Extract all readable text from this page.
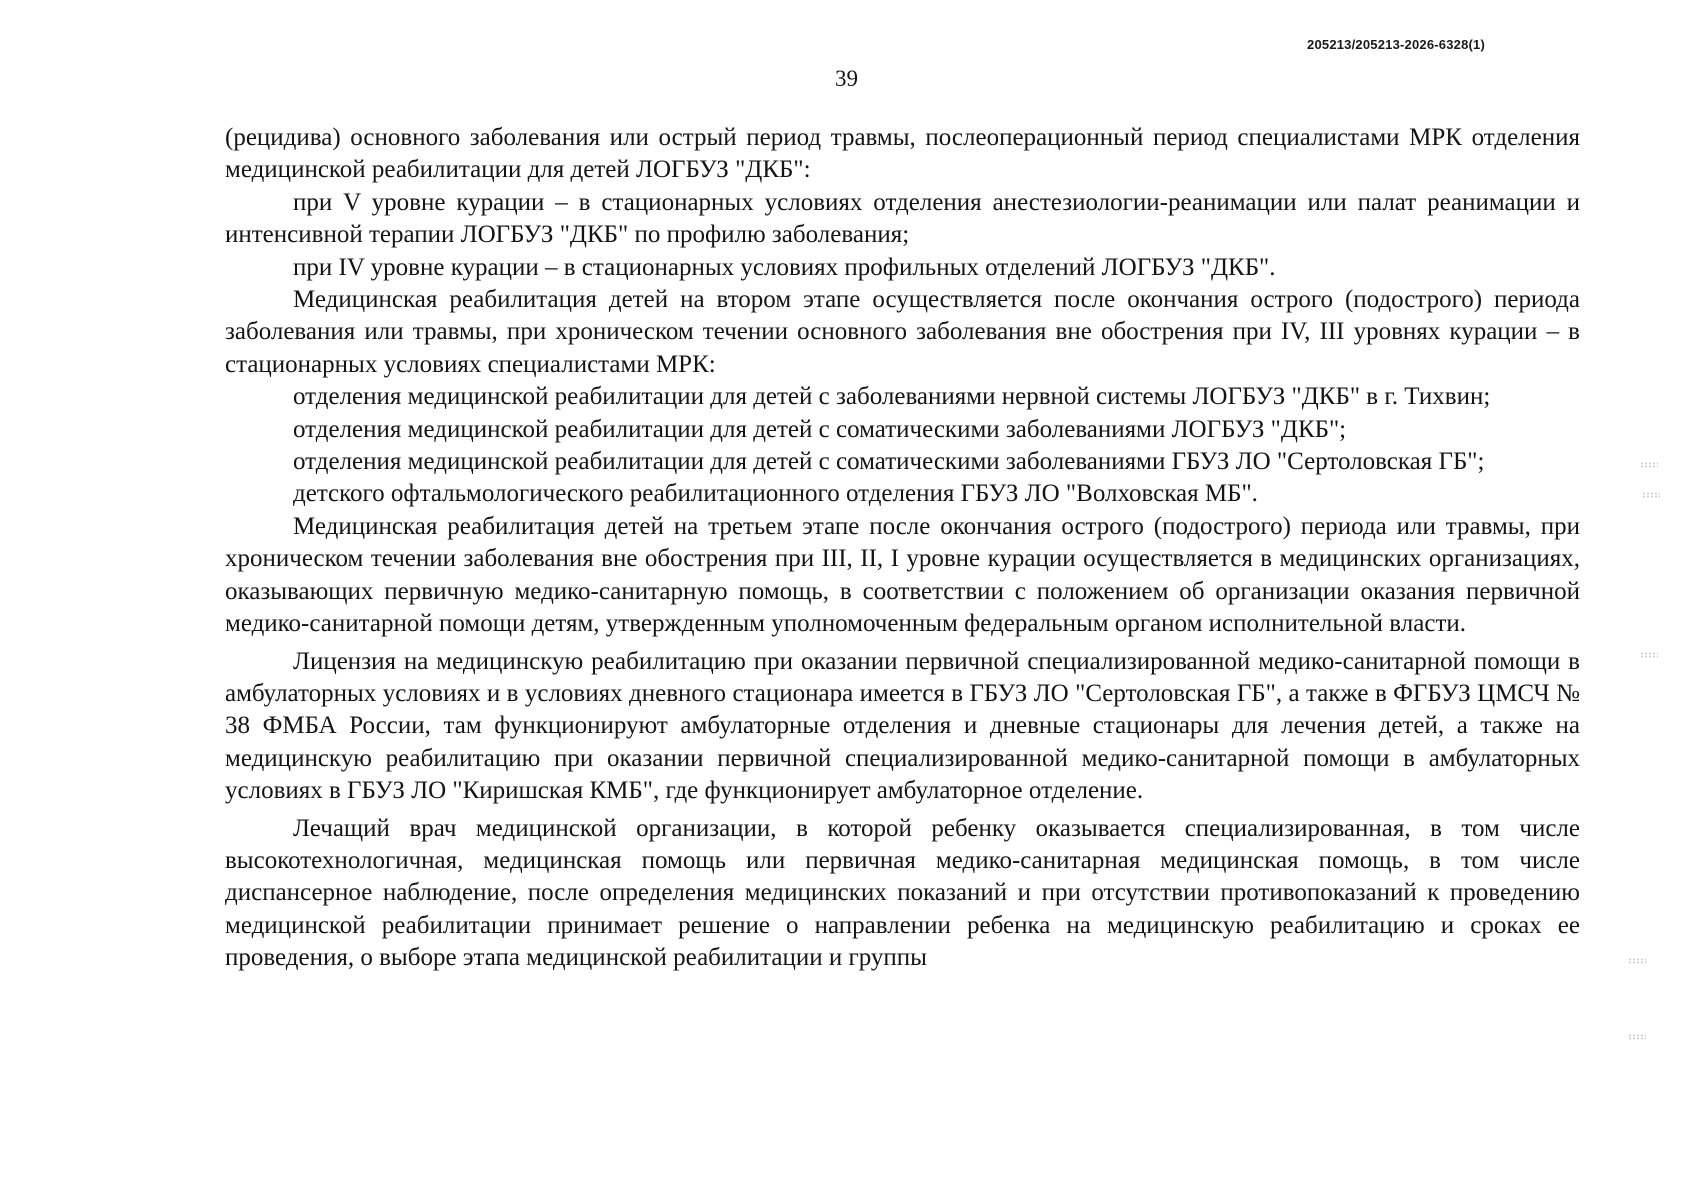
205213/205213-2026-6328(1)
39

(рецидива) основного заболевания или острый период травмы, послеоперационный период специалистами МРК отделения медицинской реабилитации для детей ЛОГБУЗ "ДКБ":

при V уровне курации – в стационарных условиях отделения анестезиологии-реанимации или палат реанимации и интенсивной терапии ЛОГБУЗ "ДКБ" по профилю заболевания;

при IV уровне курации – в стационарных условиях профильных отделений ЛОГБУЗ "ДКБ".

Медицинская реабилитация детей на втором этапе осуществляется после окончания острого (подострого) периода заболевания или травмы, при хроническом течении основного заболевания вне обострения при IV, III уровнях курации – в стационарных условиях специалистами МРК:

отделения медицинской реабилитации для детей с заболеваниями нервной системы ЛОГБУЗ "ДКБ" в г. Тихвин;

отделения медицинской реабилитации для детей с соматическими заболеваниями ЛОГБУЗ "ДКБ";

отделения медицинской реабилитации для детей с соматическими заболеваниями ГБУЗ ЛО "Сертоловская ГБ";

детского офтальмологического реабилитационного отделения ГБУЗ ЛО "Волховская МБ".

Медицинская реабилитация детей на третьем этапе после окончания острого (подострого) периода или травмы, при хроническом течении заболевания вне обострения при III, II, I уровне курации осуществляется в медицинских организациях, оказывающих первичную медико-санитарную помощь, в соответствии с положением об организации оказания первичной медико-санитарной помощи детям, утвержденным уполномоченным федеральным органом исполнительной власти.

Лицензия на медицинскую реабилитацию при оказании первичной специализированной медико-санитарной помощи в амбулаторных условиях и в условиях дневного стационара имеется в ГБУЗ ЛО "Сертоловская ГБ", а также в ФГБУЗ ЦМСЧ № 38 ФМБА России, там функционируют амбулаторные отделения и дневные стационары для лечения детей, а также на медицинскую реабилитацию при оказании первичной специализированной медико-санитарной помощи в амбулаторных условиях в ГБУЗ ЛО "Киришская КМБ", где функционирует амбулаторное отделение.

Лечащий врач медицинской организации, в которой ребенку оказывается специализированная, в том числе высокотехнологичная, медицинская помощь или первичная медико-санитарная медицинская помощь, в том числе диспансерное наблюдение, после определения медицинских показаний и при отсутствии противопоказаний к проведению медицинской реабилитации принимает решение о направлении ребенка на медицинскую реабилитацию и сроках ее проведения, о выборе этапа медицинской реабилитации и группы
